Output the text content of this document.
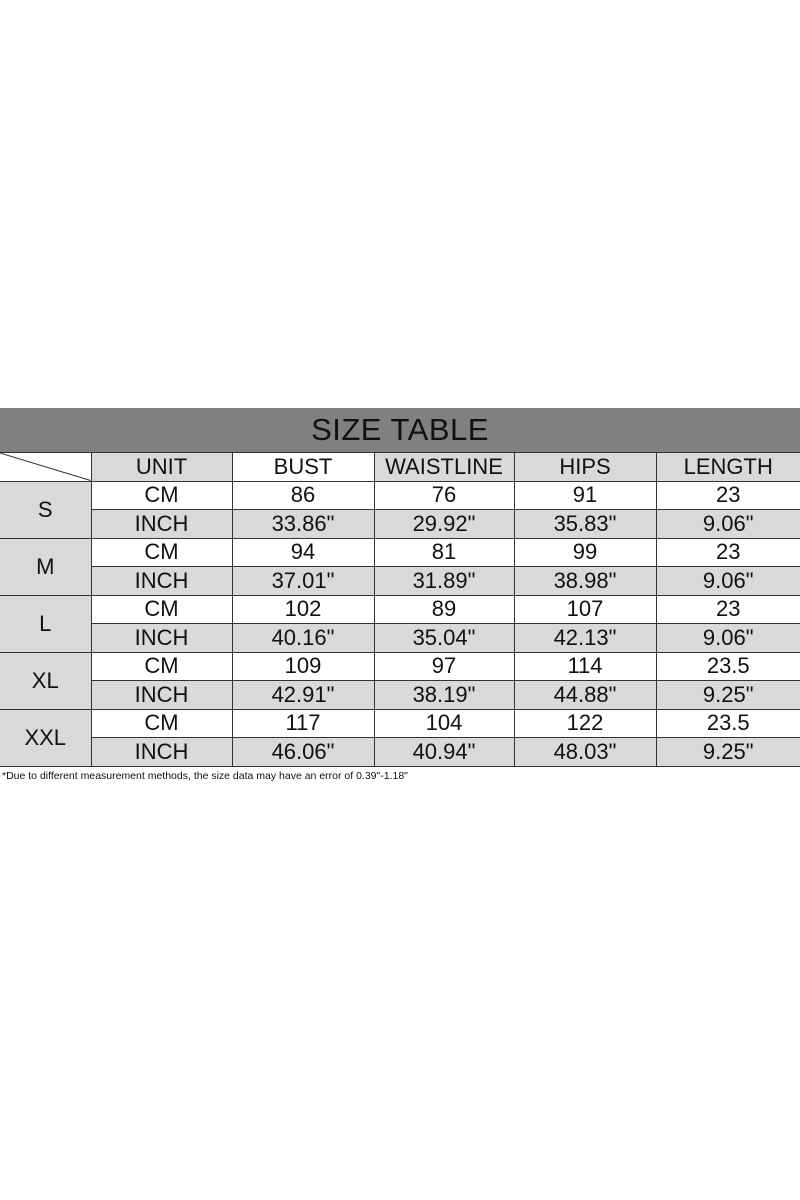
SIZE TABLE
	UNIT	BUST	WAISTLINE	HIPS	LENGTH
S	CM	86	76	91	23
	INCH	33.86"	29.92"	35.83"	9.06"
M	CM	94	81	99	23
	INCH	37.01"	31.89"	38.98"	9.06"
L	CM	102	89	107	23
	INCH	40.16"	35.04"	42.13"	9.06"
XL	CM	109	97	114	23.5
	INCH	42.91"	38.19"	44.88"	9.25"
XXL	CM	117	104	122	23.5
	INCH	46.06"	40.94"	48.03"	9.25"
*Due to different measurement methods, the size data may have an error of 0.39"-1.18"
